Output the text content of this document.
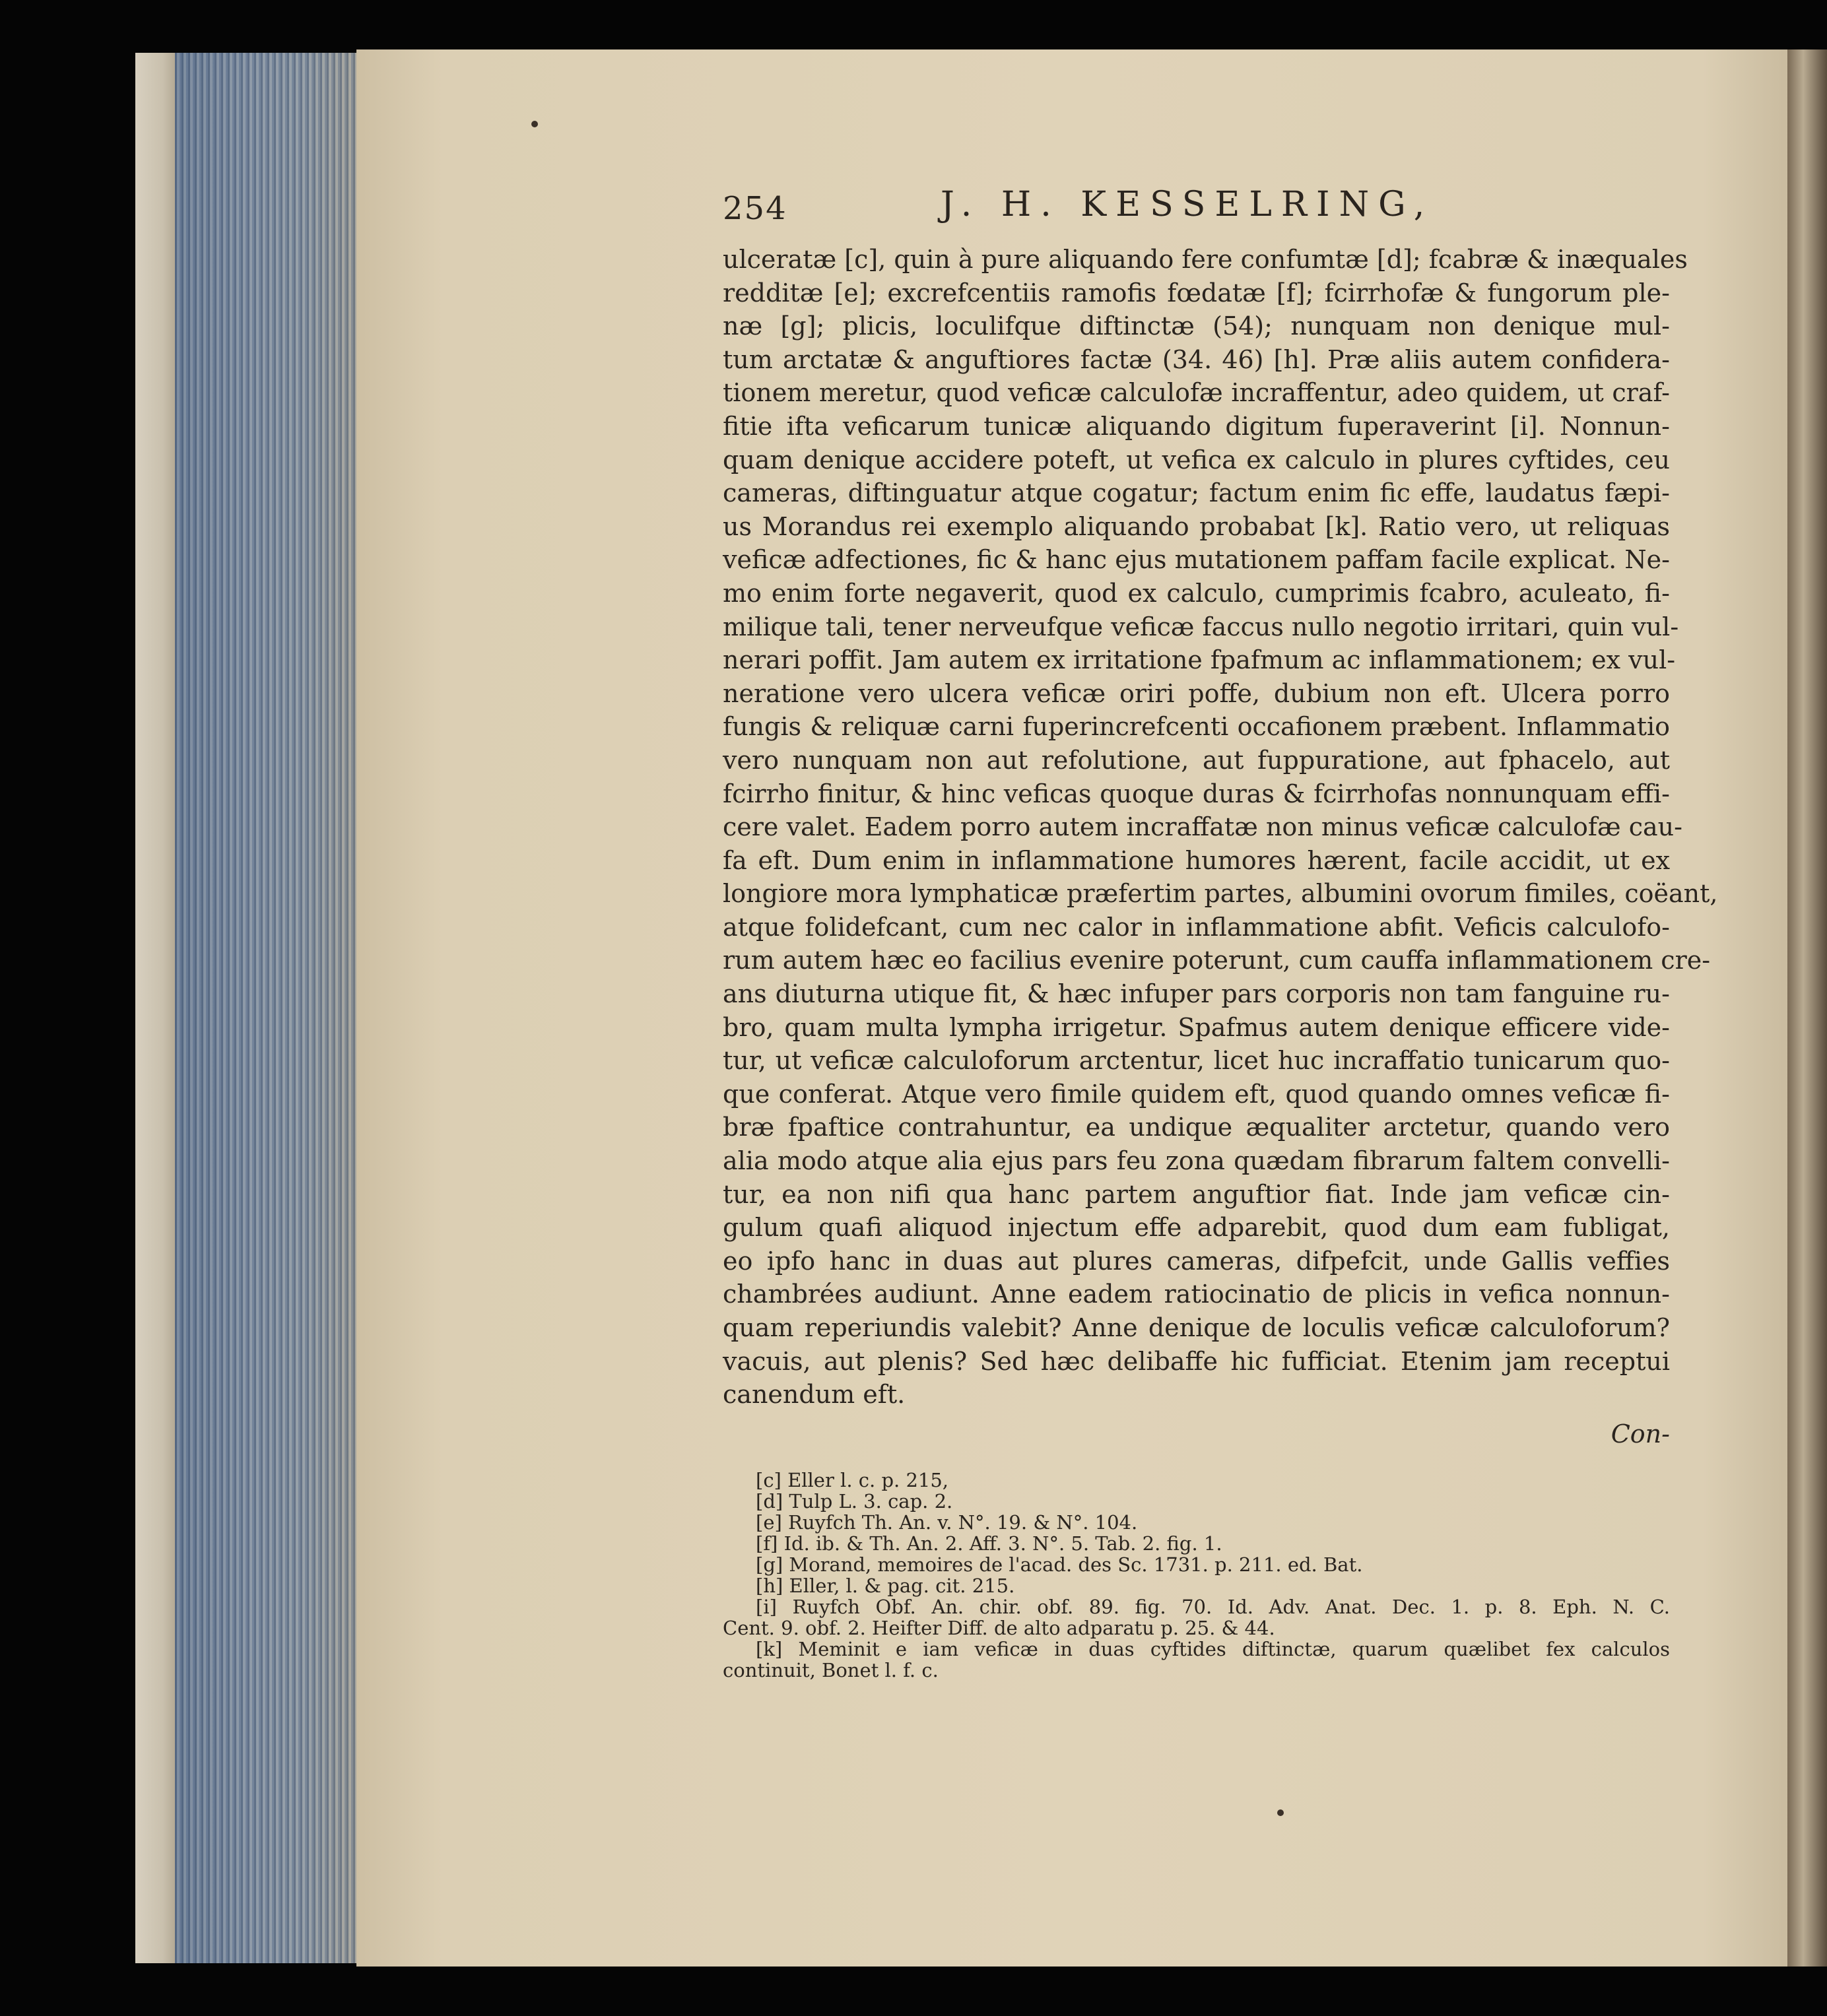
254	J. H. KESSELRING,
ulceratæ [c], quin à pure aliquando fere confumtæ [d]; fcabræ & inæquales
redditæ [e]; excrefcentiis ramofis fœdatæ [f]; fcirrhofæ & fungorum ple-
næ [g]; plicis, loculifque diftinctæ (54); nunquam non denique mul-
tum arctatæ & anguftiores factæ (34. 46) [h]. Præ aliis autem confidera-
tionem meretur, quod veficæ calculofæ incraffentur, adeo quidem, ut craf-
fitie ifta veficarum tunicæ aliquando digitum fuperaverint [i]. Nonnun-
quam denique accidere poteft, ut vefica ex calculo in plures cyftides, ceu
cameras, diftinguatur atque cogatur; factum enim fic effe, laudatus fæpi-
us Morandus rei exemplo aliquando probabat [k]. Ratio vero, ut reliquas
veficæ adfectiones, fic & hanc ejus mutationem paffam facile explicat. Ne-
mo enim forte negaverit, quod ex calculo, cumprimis fcabro, aculeato, fi-
milique tali, tener nerveufque veficæ faccus nullo negotio irritari, quin vul-
nerari poffit. Jam autem ex irritatione fpafmum ac inflammationem; ex vul-
neratione vero ulcera veficæ oriri poffe, dubium non eft. Ulcera porro
fungis & reliquæ carni fuperincrefcenti occafionem præbent. Inflammatio
vero nunquam non aut refolutione, aut fuppuratione, aut fphacelo, aut
fcirrho finitur, & hinc veficas quoque duras & fcirrhofas nonnunquam effi-
cere valet. Eadem porro autem incraffatæ non minus veficæ calculofæ cau-
fa eft. Dum enim in inflammatione humores hærent, facile accidit, ut ex
longiore mora lymphaticæ præfertim partes, albumini ovorum fimiles, coëant,
atque folidefcant, cum nec calor in inflammatione abfit. Veficis calculofo-
rum autem hæc eo facilius evenire poterunt, cum cauffa inflammationem cre-
ans diuturna utique fit, & hæc infuper pars corporis non tam fanguine ru-
bro, quam multa lympha irrigetur. Spafmus autem denique efficere vide-
tur, ut veficæ calculoforum arctentur, licet huc incraffatio tunicarum quo-
que conferat. Atque vero fimile quidem eft, quod quando omnes veficæ fi-
bræ fpaftice contrahuntur, ea undique æqualiter arctetur, quando vero
alia modo atque alia ejus pars feu zona quædam fibrarum faltem convelli-
tur, ea non nifi qua hanc partem anguftior fiat. Inde jam veficæ cin-
gulum quafi aliquod injectum effe adparebit, quod dum eam fubligat,
eo ipfo hanc in duas aut plures cameras, difpefcit, unde Gallis veffies
chambrées audiunt. Anne eadem ratiocinatio de plicis in vefica nonnun-
quam reperiundis valebit? Anne denique de loculis veficæ calculoforum?
vacuis, aut plenis? Sed hæc delibaffe hic fufficiat. Etenim jam receptui
canendum eft.
Con-
[c] Eller l. c. p. 215,
[d] Tulp L. 3. cap. 2.
[e] Ruyfch Th. An. v. N°. 19. & N°. 104.
[f] Id. ib. & Th. An. 2. Aff. 3. N°. 5. Tab. 2. fig. 1.
[g] Morand, memoires de l'acad. des Sc. 1731. p. 211. ed. Bat.
[h] Eller, l. & pag. cit. 215.
[i] Ruyfch Obf. An. chir. obf. 89. fig. 70. Id. Adv. Anat. Dec. 1. p. 8. Eph. N. C.
Cent. 9. obf. 2. Heifter Diff. de alto adparatu p. 25. & 44.
[k] Meminit e iam veficæ in duas cyftides diftinctæ, quarum quælibet fex calculos
continuit, Bonet l. f. c.
